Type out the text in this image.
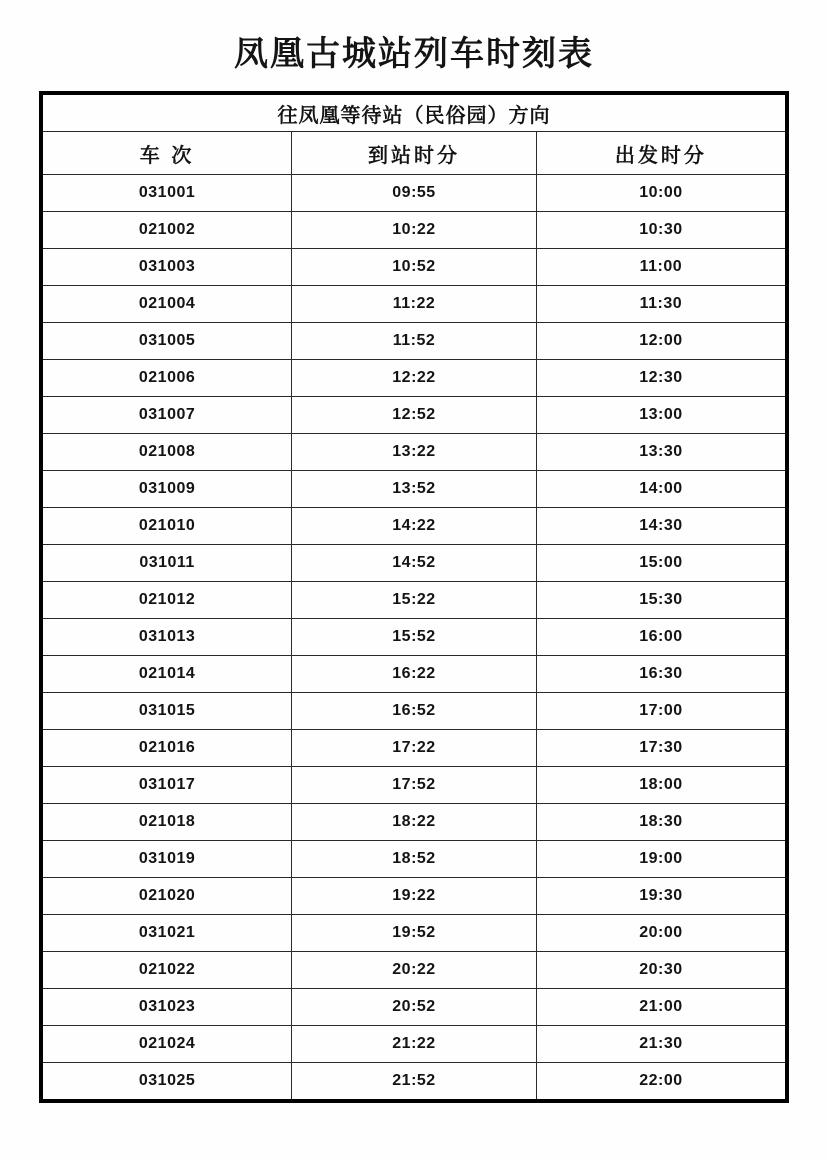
凤凰古城站列车时刻表
往凤凰等待站（民俗园）方向		
车 次	到站时分	出发时分
031001	09:55	10:00
021002	10:22	10:30
031003	10:52	11:00
021004	11:22	11:30
031005	11:52	12:00
021006	12:22	12:30
031007	12:52	13:00
021008	13:22	13:30
031009	13:52	14:00
021010	14:22	14:30
031011	14:52	15:00
021012	15:22	15:30
031013	15:52	16:00
021014	16:22	16:30
031015	16:52	17:00
021016	17:22	17:30
031017	17:52	18:00
021018	18:22	18:30
031019	18:52	19:00
021020	19:22	19:30
031021	19:52	20:00
021022	20:22	20:30
031023	20:52	21:00
021024	21:22	21:30
031025	21:52	22:00
